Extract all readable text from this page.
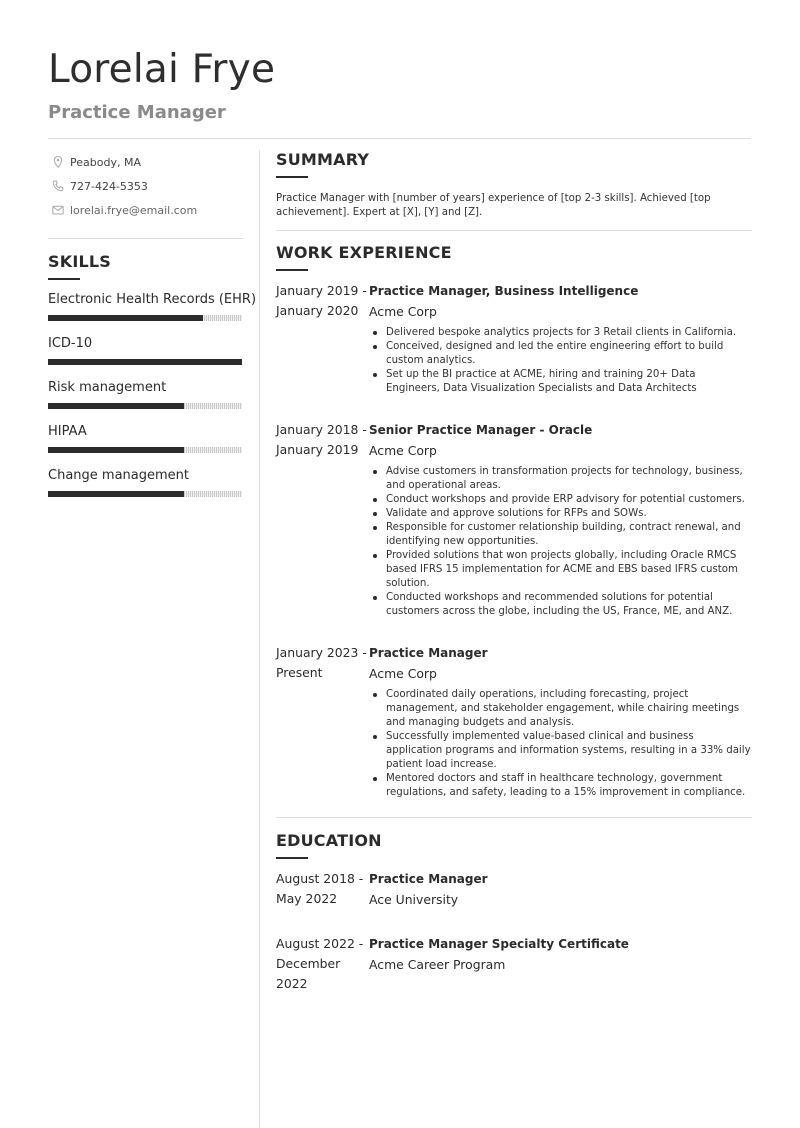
Lorelai Frye
Practice Manager
Peabody, MA
727-424-5353
lorelai.frye@email.com
SKILLS
Electronic Health Records (EHR)
ICD-10
Risk management
HIPAA
Change management
SUMMARY
Practice Manager with [number of years] experience of [top 2-3 skills]. Achieved [top achievement]. Expert at [X], [Y] and [Z].
WORK EXPERIENCE
January 2019 -
January 2020
Practice Manager, Business Intelligence
Acme Corp
Delivered bespoke analytics projects for 3 Retail clients in California.
Conceived, designed and led the entire engineering effort to build custom analytics.
Set up the BI practice at ACME, hiring and training 20+ Data Engineers, Data Visualization Specialists and Data Architects
January 2018 -
January 2019
Senior Practice Manager - Oracle
Acme Corp
Advise customers in transformation projects for technology, business, and operational areas.
Conduct workshops and provide ERP advisory for potential customers.
Validate and approve solutions for RFPs and SOWs.
Responsible for customer relationship building, contract renewal, and identifying new opportunities.
Provided solutions that won projects globally, including Oracle RMCS based IFRS 15 implementation for ACME and EBS based IFRS custom solution.
Conducted workshops and recommended solutions for potential customers across the globe, including the US, France, ME, and ANZ.
January 2023 -
Present
Practice Manager
Acme Corp
Coordinated daily operations, including forecasting, project management, and stakeholder engagement, while chairing meetings and managing budgets and analysis.
Successfully implemented value-based clinical and business application programs and information systems, resulting in a 33% daily patient load increase.
Mentored doctors and staff in healthcare technology, government regulations, and safety, leading to a 15% improvement in compliance.
EDUCATION
August 2018 -
May 2022
Practice Manager
Ace University
August 2022 -
December 2022
Practice Manager Specialty Certificate
Acme Career Program
